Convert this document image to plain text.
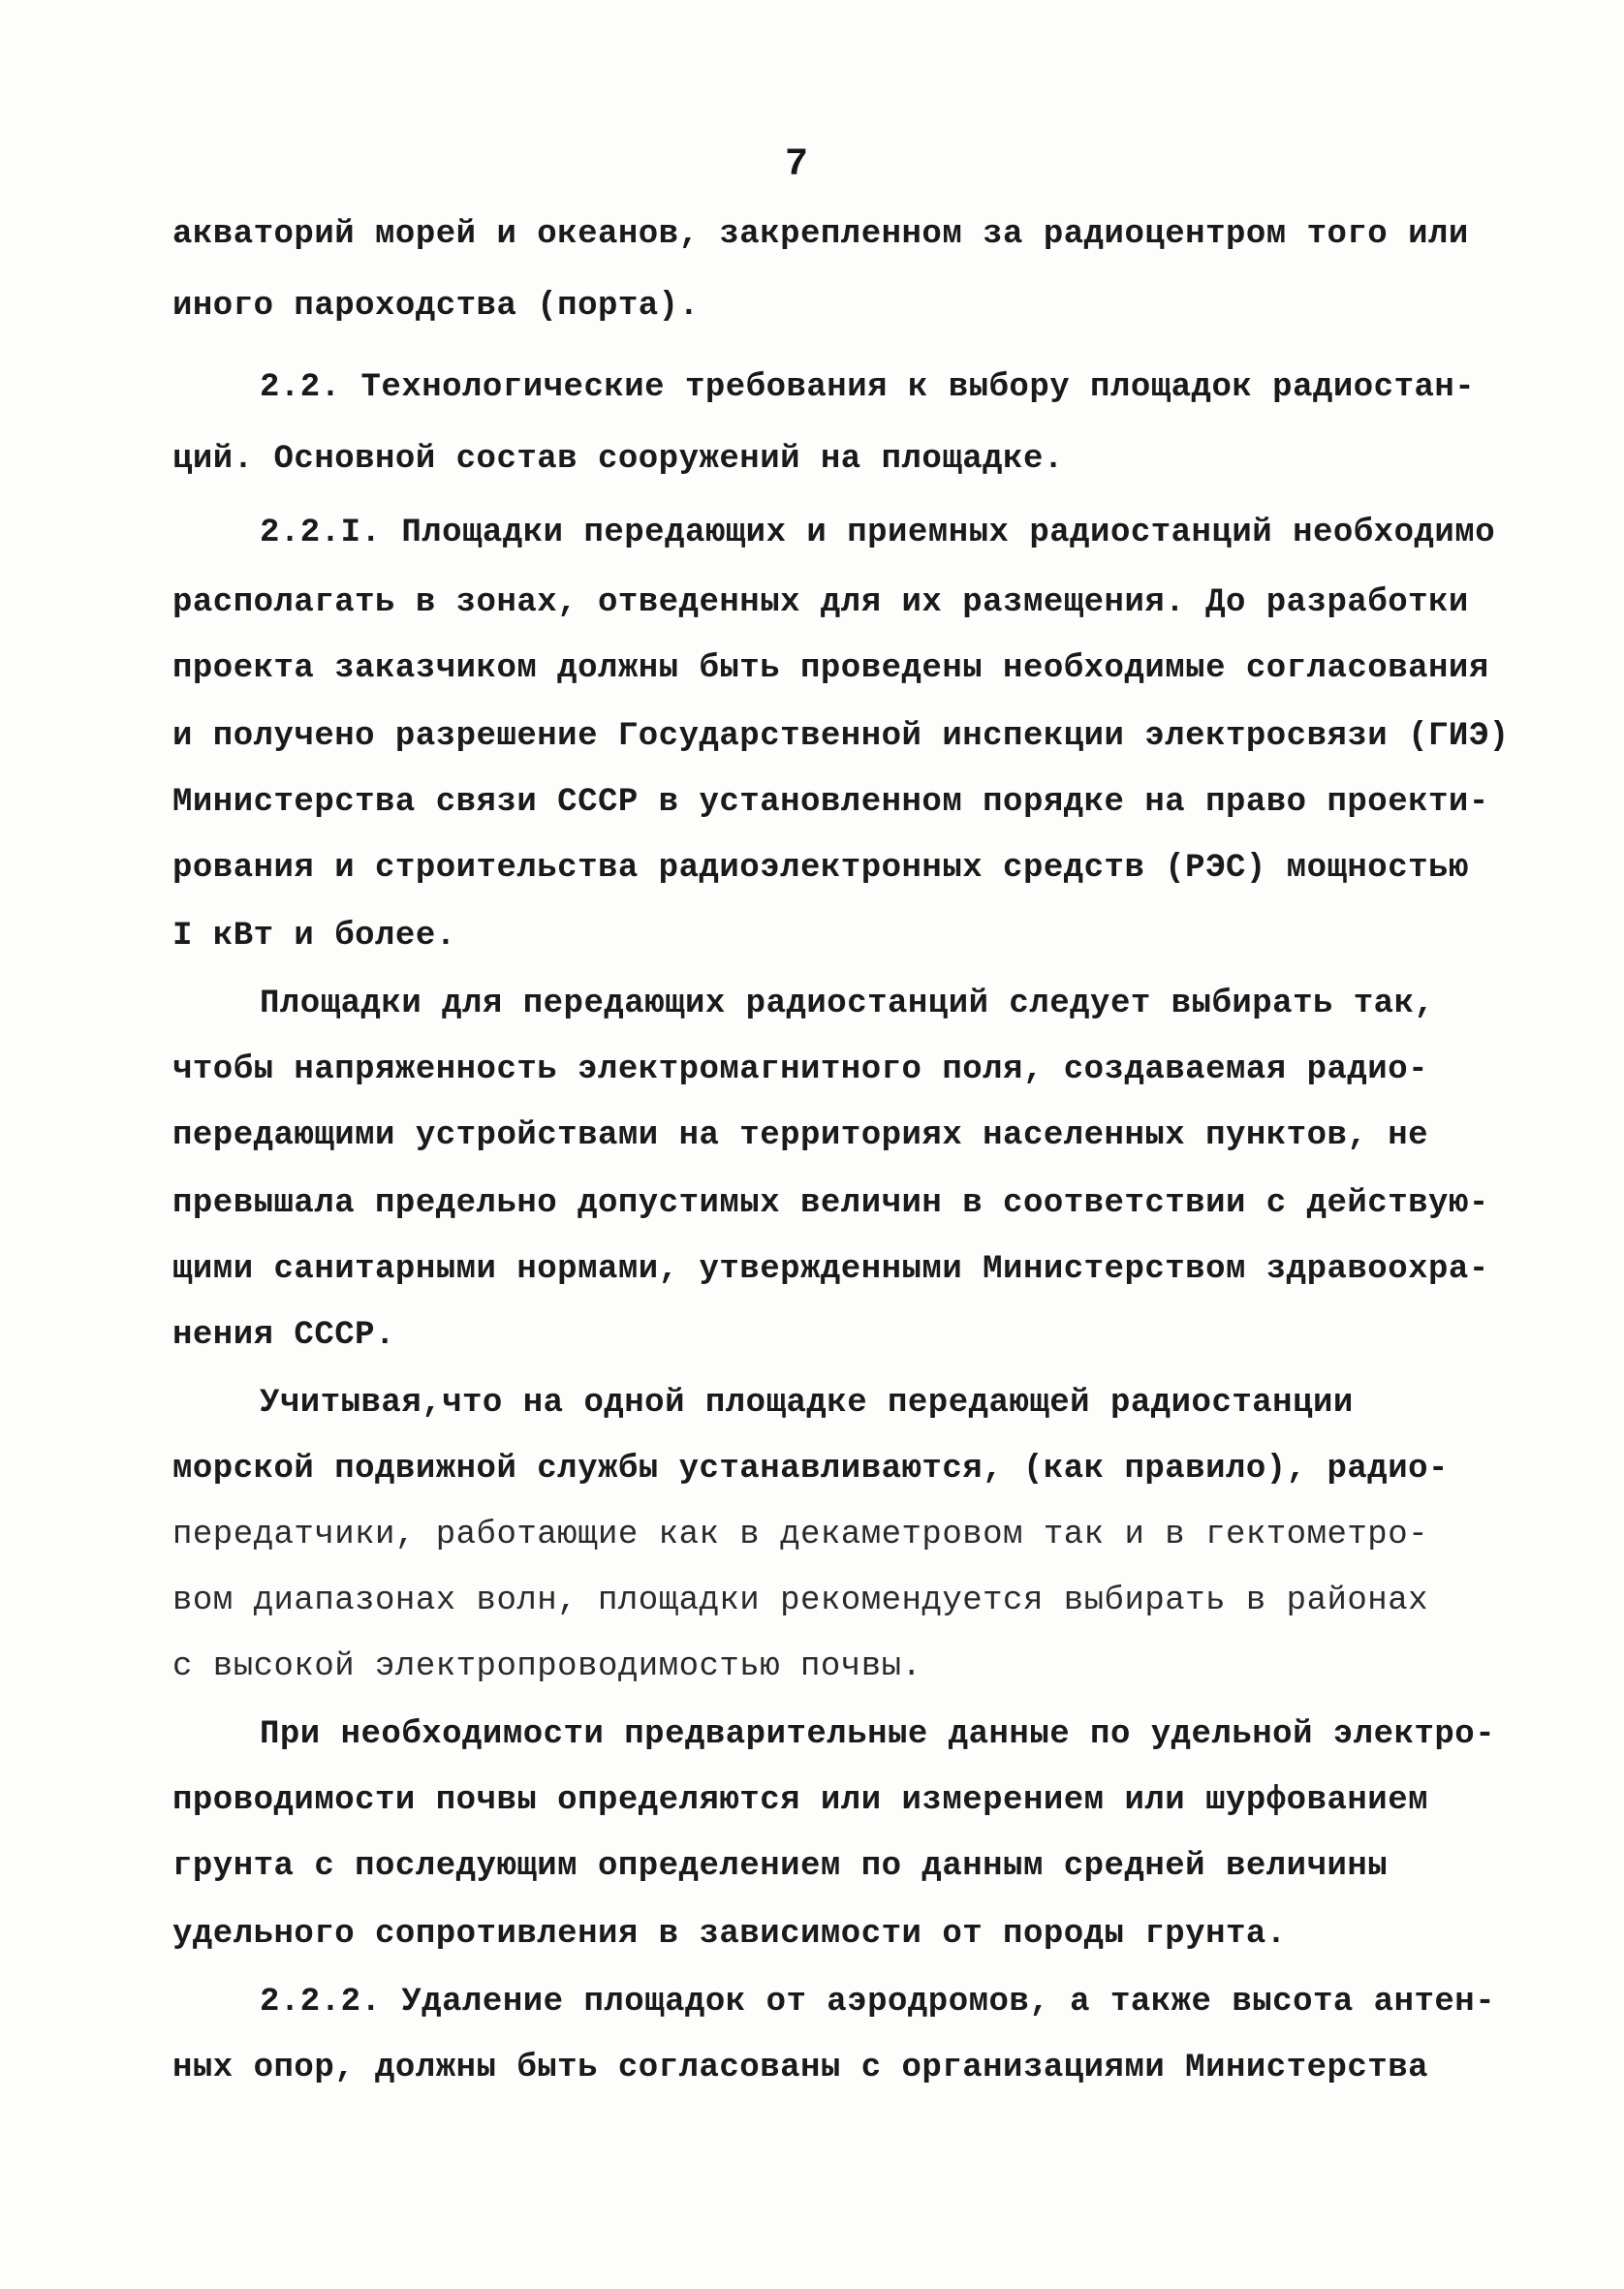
7
акваторий морей и океанов, закрепленном за радиоцентром того или
иного пароходства (порта).
2.2. Технологические требования к выбору площадок радиостан-
ций. Основной состав сооружений на площадке.
2.2.I. Площадки передающих и приемных радиостанций необходимо
располагать в зонах, отведенных для их размещения. До разработки
проекта заказчиком должны быть проведены необходимые согласования
и получено разрешение Государственной инспекции электросвязи (ГИЭ)
Министерства связи СССР в установленном порядке на право проекти-
рования и строительства радиоэлектронных средств (РЭС) мощностью
I кВт и более.
Площадки для передающих радиостанций следует выбирать так,
чтобы напряженность электромагнитного поля, создаваемая радио-
передающими устройствами на территориях населенных пунктов, не
превышала предельно допустимых величин в соответствии с действую-
щими санитарными нормами, утвержденными Министерством здравоохра-
нения СССР.
Учитывая,что на одной площадке передающей радиостанции
морской подвижной службы устанавливаются, (как правило), радио-
передатчики, работающие как в декаметровом так и в гектометро-
вом диапазонах волн, площадки рекомендуется выбирать в районах
с высокой электропроводимостью почвы.
При необходимости предварительные данные по удельной электро-
проводимости почвы определяются или измерением или шурфованием
грунта с последующим определением по данным средней величины
удельного сопротивления в зависимости от породы грунта.
2.2.2. Удаление площадок от аэродромов, а также высота антен-
ных опор, должны быть согласованы с организациями Министерства
